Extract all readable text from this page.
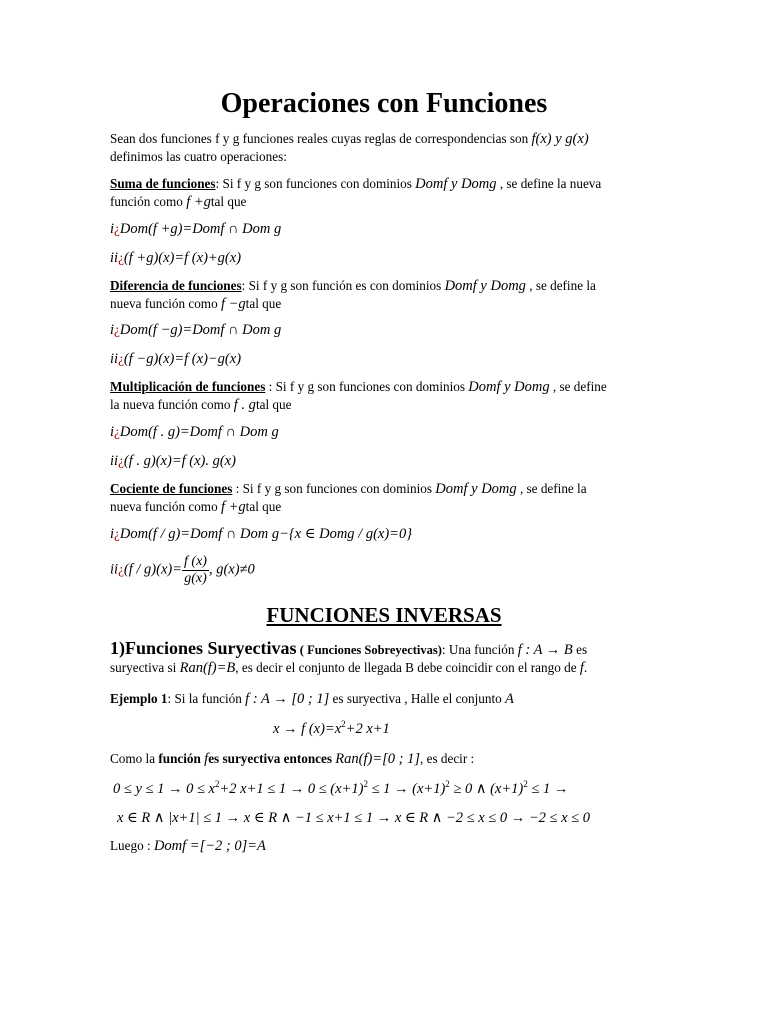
Operaciones con Funciones
Sean dos funciones f y g funciones reales cuyas reglas de correspondencias son f(x) y g(x)
definimos las cuatro operaciones:
Suma de funciones: Si f y g son funciones con dominios Domf y Domg , se define la nueva
función como f +gtal que
i¿Dom(f +g)=Domf ∩ Dom g
ii¿(f +g)(x)=f (x)+g(x)
Diferencia de funciones: Si f y g son función es con dominios Domf y Domg , se define la
nueva función como f −gtal que
i¿Dom(f −g)=Domf ∩ Dom g
ii¿(f −g)(x)=f (x)−g(x)
Multiplicación de funciones : Si f y g son funciones con dominios Domf y Domg , se define
la nueva función como f . gtal que
i¿Dom(f . g)=Domf ∩ Dom g
ii¿(f . g)(x)=f (x). g(x)
Cociente de funciones : Si f y g son funciones con dominios Domf y Domg , se define la
nueva función como f +gtal que
i¿Dom(f / g)=Domf ∩ Dom g−{x ∈ Domg / g(x)=0}
ii¿(f / $g)(x)= \frac{f (x)}{g(x)}$ , g(x)≠0
FUNCIONES INVERSAS
1)Funciones Suryectivas ( Funciones Sobreyectivas): Una función f : A → B es
suryectiva si Ran(f)=B, es decir el conjunto de llegada B debe coincidir con el rango de f.
Ejemplo 1: Si la función f : A → [0 ; 1] es suryectiva , Halle el conjunto A
x → f $(x)=x^2+2$ x+1
Como la función fes suryectiva entonces Ran(f)=[0 ; 1], es decir :
$0 \le y \le 1 \to 0 \le x^2+2$ $x+1 \le 1 \to 0 \le (x+1)^2 \le 1 \to (x+1)^2 \ge 0$ ∧ $(x+1)^2 \le 1$ →
x ∈ R ∧ |x+1| ≤ 1 → x ∈ R ∧ −1 ≤ x+1 ≤ 1 → x ∈ R ∧ −2 ≤ x ≤ 0 → −2 ≤ x ≤ 0
Luego : Domf =[−2 ; 0]=A
